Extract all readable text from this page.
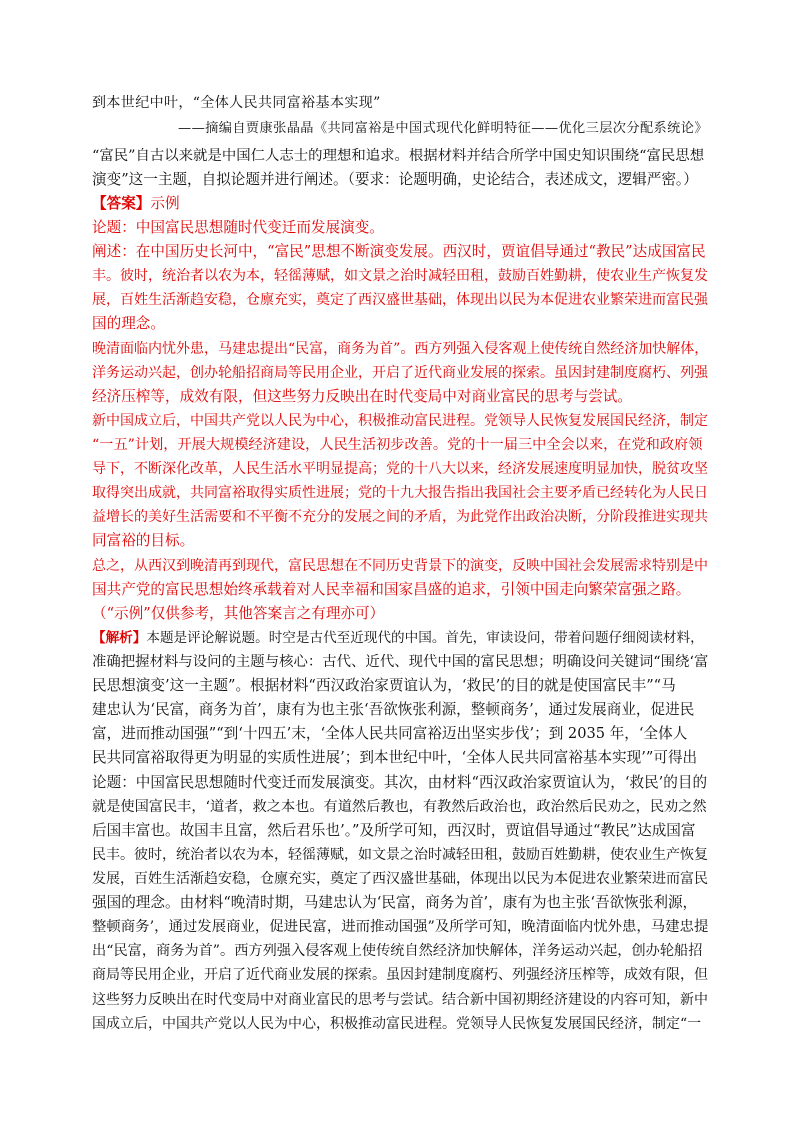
到本世纪中叶，“全体人民共同富裕基本实现”
——摘编自贾康张晶晶《共同富裕是中国式现代化鲜明特征——优化三层次分配系统论》
“富民”自古以来就是中国仁人志士的理想和追求。根据材料并结合所学中国史知识围绕“富民思想
演变”这一主题，自拟论题并进行阐述。（要求：论题明确，史论结合，表述成文，逻辑严密。）
【答案】示例
论题：中国富民思想随时代变迁而发展演变。
阐述：在中国历史长河中，“富民”思想不断演变发展。西汉时，贾谊倡导通过“教民”达成国富民
丰。彼时，统治者以农为本，轻徭薄赋，如文景之治时减轻田租，鼓励百姓勤耕，使农业生产恢复发
展，百姓生活渐趋安稳，仓廪充实，奠定了西汉盛世基础，体现出以民为本促进农业繁荣进而富民强
国的理念。
晚清面临内忧外患，马建忠提出“民富，商务为首”。西方列强入侵客观上使传统自然经济加快解体，
洋务运动兴起，创办轮船招商局等民用企业，开启了近代商业发展的探索。虽因封建制度腐朽、列强
经济压榨等，成效有限，但这些努力反映出在时代变局中对商业富民的思考与尝试。
新中国成立后，中国共产党以人民为中心，积极推动富民进程。党领导人民恢复发展国民经济，制定
“一五”计划，开展大规模经济建设，人民生活初步改善。党的十一届三中全会以来，在党和政府领
导下，不断深化改革，人民生活水平明显提高；党的十八大以来，经济发展速度明显加快，脱贫攻坚
取得突出成就，共同富裕取得实质性进展；党的十九大报告指出我国社会主要矛盾已经转化为人民日
益增长的美好生活需要和不平衡不充分的发展之间的矛盾，为此党作出政治决断，分阶段推进实现共
同富裕的目标。
总之，从西汉到晚清再到现代，富民思想在不同历史背景下的演变，反映中国社会发展需求特别是中
国共产党的富民思想始终承载着对人民幸福和国家昌盛的追求，引领中国走向繁荣富强之路。
（“示例”仅供参考，其他答案言之有理亦可）
【解析】本题是评论解说题。时空是古代至近现代的中国。首先，审读设问，带着问题仔细阅读材料，
准确把握材料与设问的主题与核心：古代、近代、现代中国的富民思想；明确设问关键词“围绕‘富
民思想演变’这一主题”。根据材料“西汉政治家贾谊认为，‘救民’的目的就是使国富民丰”“马
建忠认为‘民富，商务为首’，康有为也主张‘吾欲恢张利源，整顿商务’，通过发展商业，促进民
富，进而推动国强”“到‘十四五’末，‘全体人民共同富裕迈出坚实步伐’；到 2035 年，‘全体人
民共同富裕取得更为明显的实质性进展’；到本世纪中叶，‘全体人民共同富裕基本实现’”可得出
论题：中国富民思想随时代变迁而发展演变。其次，由材料“西汉政治家贾谊认为，‘救民’的目的
就是使国富民丰，‘道者，救之本也。有道然后教也，有教然后政治也，政治然后民劝之，民劝之然
后国丰富也。故国丰且富，然后君乐也’。”及所学可知，西汉时，贾谊倡导通过“教民”达成国富
民丰。彼时，统治者以农为本，轻徭薄赋，如文景之治时减轻田租，鼓励百姓勤耕，使农业生产恢复
发展，百姓生活渐趋安稳，仓廪充实，奠定了西汉盛世基础，体现出以民为本促进农业繁荣进而富民
强国的理念。由材料“晚清时期，马建忠认为‘民富，商务为首’，康有为也主张‘吾欲恢张利源，
整顿商务’，通过发展商业，促进民富，进而推动国强”及所学可知，晚清面临内忧外患，马建忠提
出“民富，商务为首”。西方列强入侵客观上使传统自然经济加快解体，洋务运动兴起，创办轮船招
商局等民用企业，开启了近代商业发展的探索。虽因封建制度腐朽、列强经济压榨等，成效有限，但
这些努力反映出在时代变局中对商业富民的思考与尝试。结合新中国初期经济建设的内容可知，新中
国成立后，中国共产党以人民为中心，积极推动富民进程。党领导人民恢复发展国民经济，制定“一
